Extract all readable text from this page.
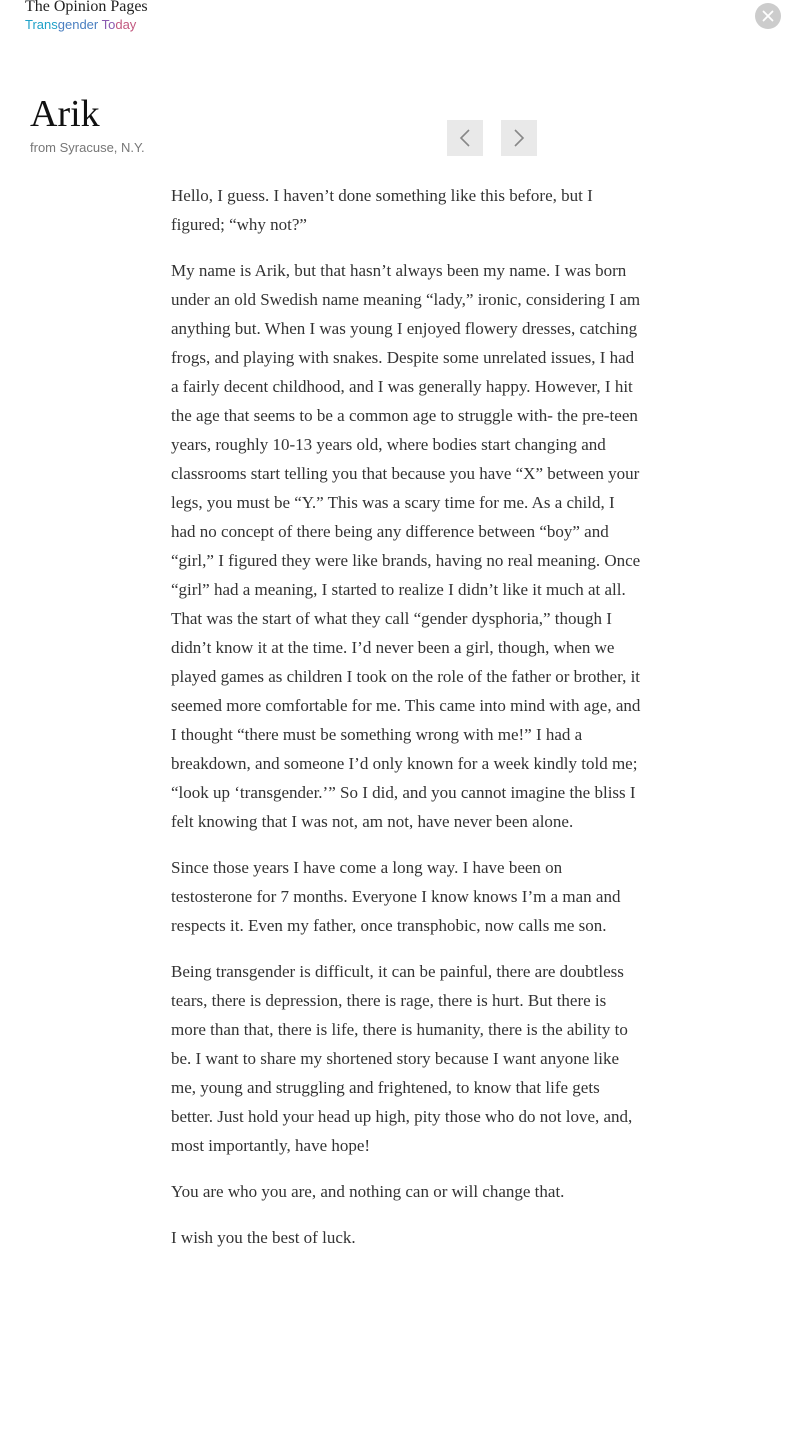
The Opinion Pages
Transgender Today
Arik
from Syracuse, N.Y.

Hello, I guess. I haven’t done something like this before, but I figured; “why not?”

My name is Arik, but that hasn’t always been my name. I was born under an old Swedish name meaning “lady,” ironic, considering I am anything but. When I was young I enjoyed flowery dresses, catching frogs, and playing with snakes. Despite some unrelated issues, I had a fairly decent childhood, and I was generally happy. However, I hit the age that seems to be a common age to struggle with- the pre-teen years, roughly 10-13 years old, where bodies start changing and classrooms start telling you that because you have “X” between your legs, you must be “Y.” This was a scary time for me. As a child, I had no concept of there being any difference between “boy” and “girl,” I figured they were like brands, having no real meaning. Once “girl” had a meaning, I started to realize I didn’t like it much at all. That was the start of what they call “gender dysphoria,” though I didn’t know it at the time. I’d never been a girl, though, when we played games as children I took on the role of the father or brother, it seemed more comfortable for me. This came into mind with age, and I thought “there must be something wrong with me!” I had a breakdown, and someone I’d only known for a week kindly told me; “look up ‘transgender.’” So I did, and you cannot imagine the bliss I felt knowing that I was not, am not, have never been alone.

Since those years I have come a long way. I have been on testosterone for 7 months. Everyone I know knows I’m a man and respects it. Even my father, once transphobic, now calls me son.

Being transgender is difficult, it can be painful, there are doubtless tears, there is depression, there is rage, there is hurt. But there is more than that, there is life, there is humanity, there is the ability to be. I want to share my shortened story because I want anyone like me, young and struggling and frightened, to know that life gets better. Just hold your head up high, pity those who do not love, and, most importantly, have hope!

You are who you are, and nothing can or will change that.

I wish you the best of luck.
